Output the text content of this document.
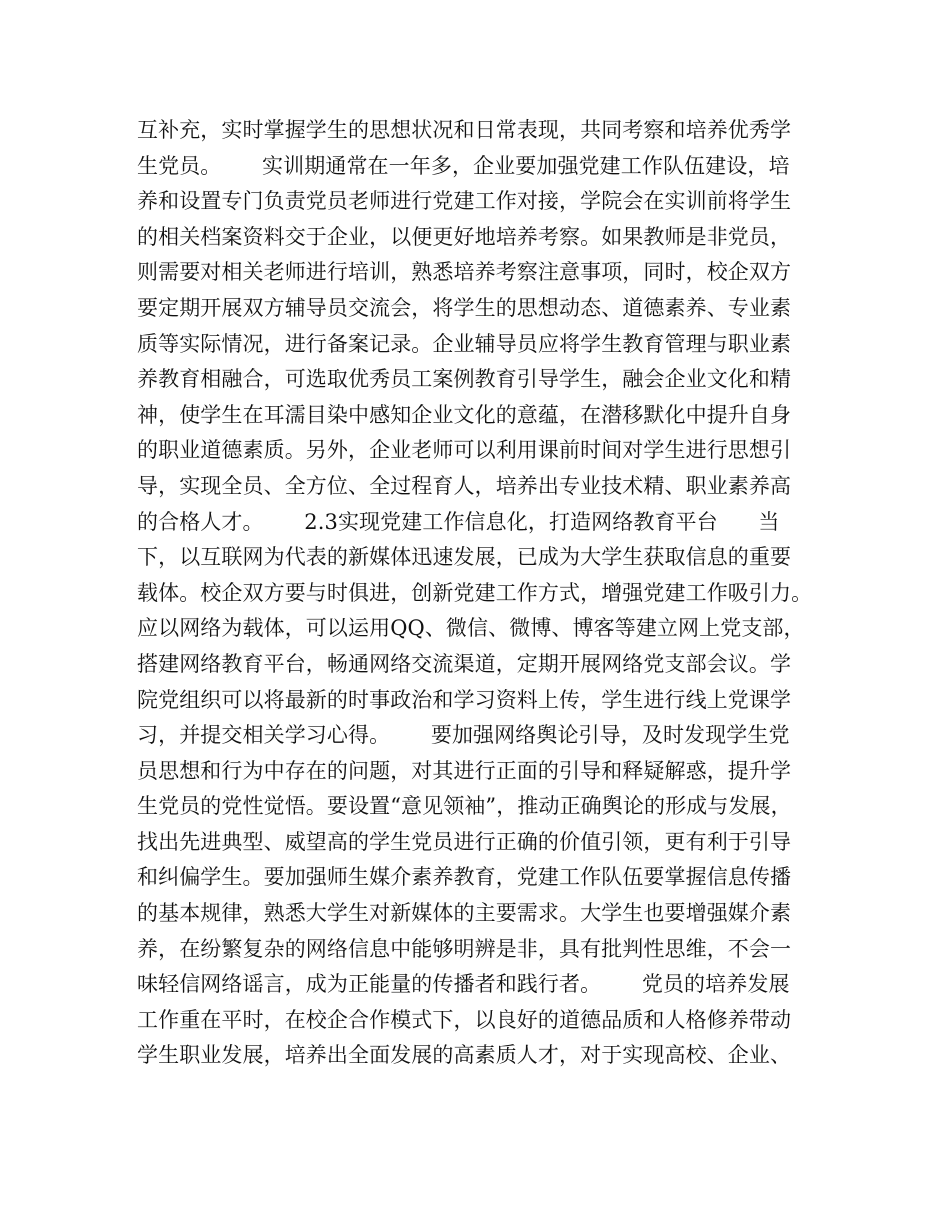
互补充，实时掌握学生的思想状况和日常表现，共同考察和培养优秀学
生党员。      实训期通常在一年多，企业要加强党建工作队伍建设，培
养和设置专门负责党员老师进行党建工作对接，学院会在实训前将学生
的相关档案资料交于企业，以便更好地培养考察。如果教师是非党员，
则需要对相关老师进行培训，熟悉培养考察注意事项，同时，校企双方
要定期开展双方辅导员交流会，将学生的思想动态、道德素养、专业素
质等实际情况，进行备案记录。企业辅导员应将学生教育管理与职业素
养教育相融合，可选取优秀员工案例教育引导学生，融会企业文化和精
神，使学生在耳濡目染中感知企业文化的意蕴，在潜移默化中提升自身
的职业道德素质。另外，企业老师可以利用课前时间对学生进行思想引
导，实现全员、全方位、全过程育人，培养出专业技术精、职业素养高
的合格人才。      2.3实现党建工作信息化，打造网络教育平台      当
下，以互联网为代表的新媒体迅速发展，已成为大学生获取信息的重要
载体。校企双方要与时俱进，创新党建工作方式，增强党建工作吸引力。
应以网络为载体，可以运用QQ、微信、微博、博客等建立网上党支部，
搭建网络教育平台，畅通网络交流渠道，定期开展网络党支部会议。学
院党组织可以将最新的时事政治和学习资料上传，学生进行线上党课学
习，并提交相关学习心得。      要加强网络舆论引导，及时发现学生党
员思想和行为中存在的问题，对其进行正面的引导和释疑解惑，提升学
生党员的党性觉悟。要设置“意见领袖”，推动正确舆论的形成与发展，
找出先进典型、威望高的学生党员进行正确的价值引领，更有利于引导
和纠偏学生。要加强师生媒介素养教育，党建工作队伍要掌握信息传播
的基本规律，熟悉大学生对新媒体的主要需求。大学生也要增强媒介素
养，在纷繁复杂的网络信息中能够明辨是非，具有批判性思维，不会一
味轻信网络谣言，成为正能量的传播者和践行者。      党员的培养发展
工作重在平时，在校企合作模式下，以良好的道德品质和人格修养带动
学生职业发展，培养出全面发展的高素质人才，对于实现高校、企业、
